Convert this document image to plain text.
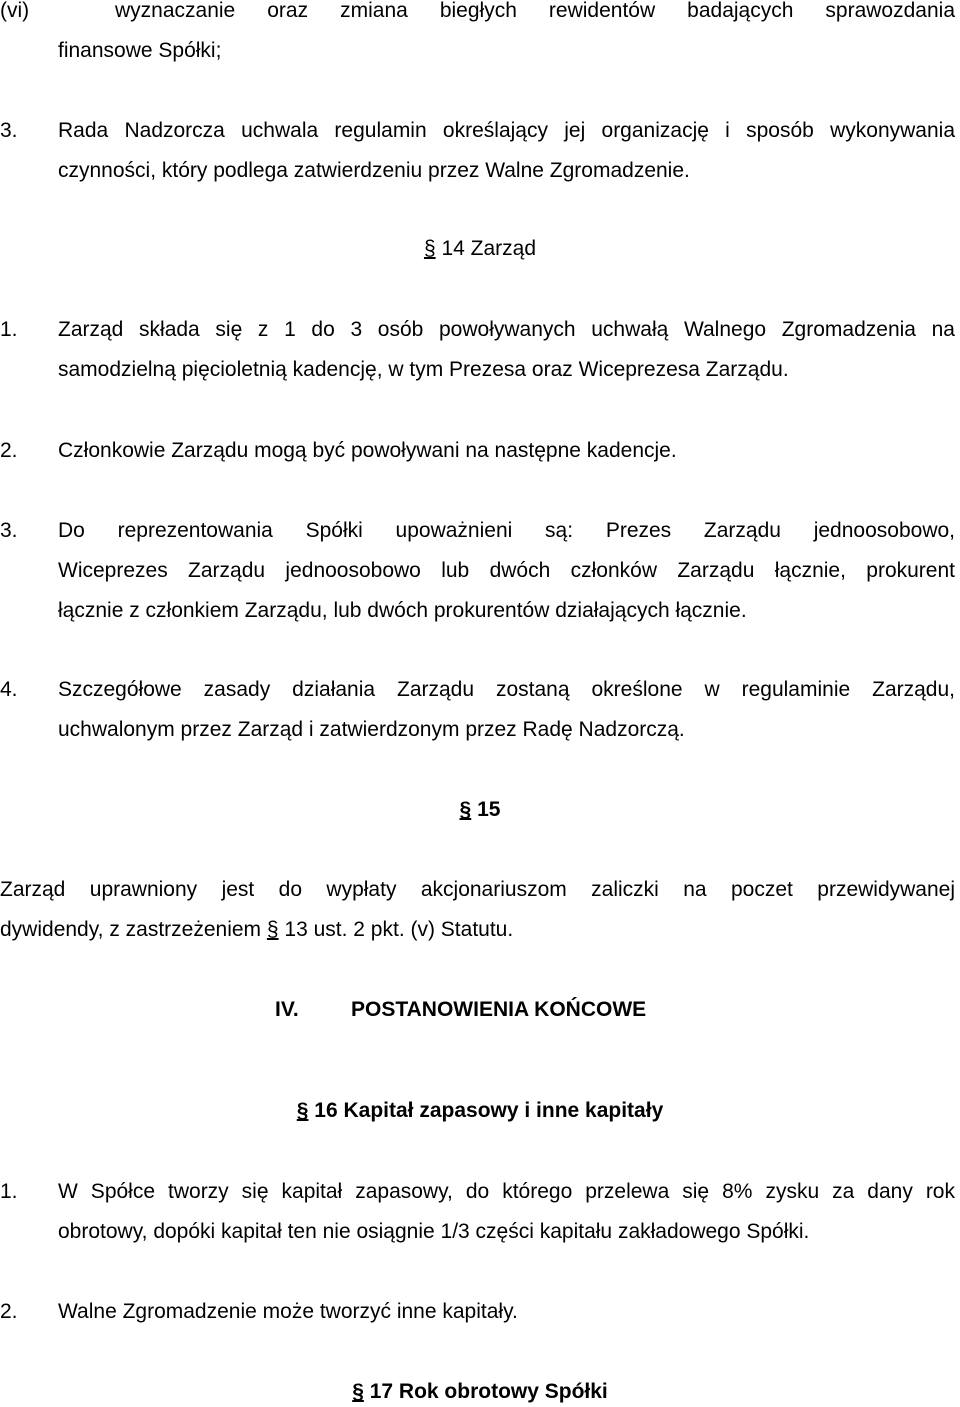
(vi)	wyznaczanie oraz zmiana biegłych rewidentów badających sprawozdania
finansowe Spółki;
3. Rada Nadzorcza uchwala regulamin określający jej organizację i sposób wykonywania
czynności, który podlega zatwierdzeniu przez Walne Zgromadzenie.
§ 14 Zarząd
1. Zarząd składa się z 1 do 3 osób powoływanych uchwałą Walnego Zgromadzenia na
samodzielną pięcioletnią kadencję, w tym Prezesa oraz Wiceprezesa Zarządu.
2. Członkowie Zarządu mogą być powoływani na następne kadencje.
3. Do reprezentowania Spółki upoważnieni są: Prezes Zarządu jednoosobowo,
Wiceprezes Zarządu jednoosobowo lub dwóch członków Zarządu łącznie, prokurent
łącznie z członkiem Zarządu, lub dwóch prokurentów działających łącznie.
4. Szczegółowe zasady działania Zarządu zostaną określone w regulaminie Zarządu,
uchwalonym przez Zarząd i zatwierdzonym przez Radę Nadzorczą.
§ 15
Zarząd uprawniony jest do wypłaty akcjonariuszom zaliczki na poczet przewidywanej
dywidendy, z zastrzeżeniem § 13 ust. 2 pkt. (v) Statutu.
IV. POSTANOWIENIA KOŃCOWE
§ 16 Kapitał zapasowy i inne kapitały
1. W Spółce tworzy się kapitał zapasowy, do którego przelewa się 8% zysku za dany rok
obrotowy, dopóki kapitał ten nie osiągnie 1/3 części kapitału zakładowego Spółki.
2. Walne Zgromadzenie może tworzyć inne kapitały.
§ 17 Rok obrotowy Spółki
